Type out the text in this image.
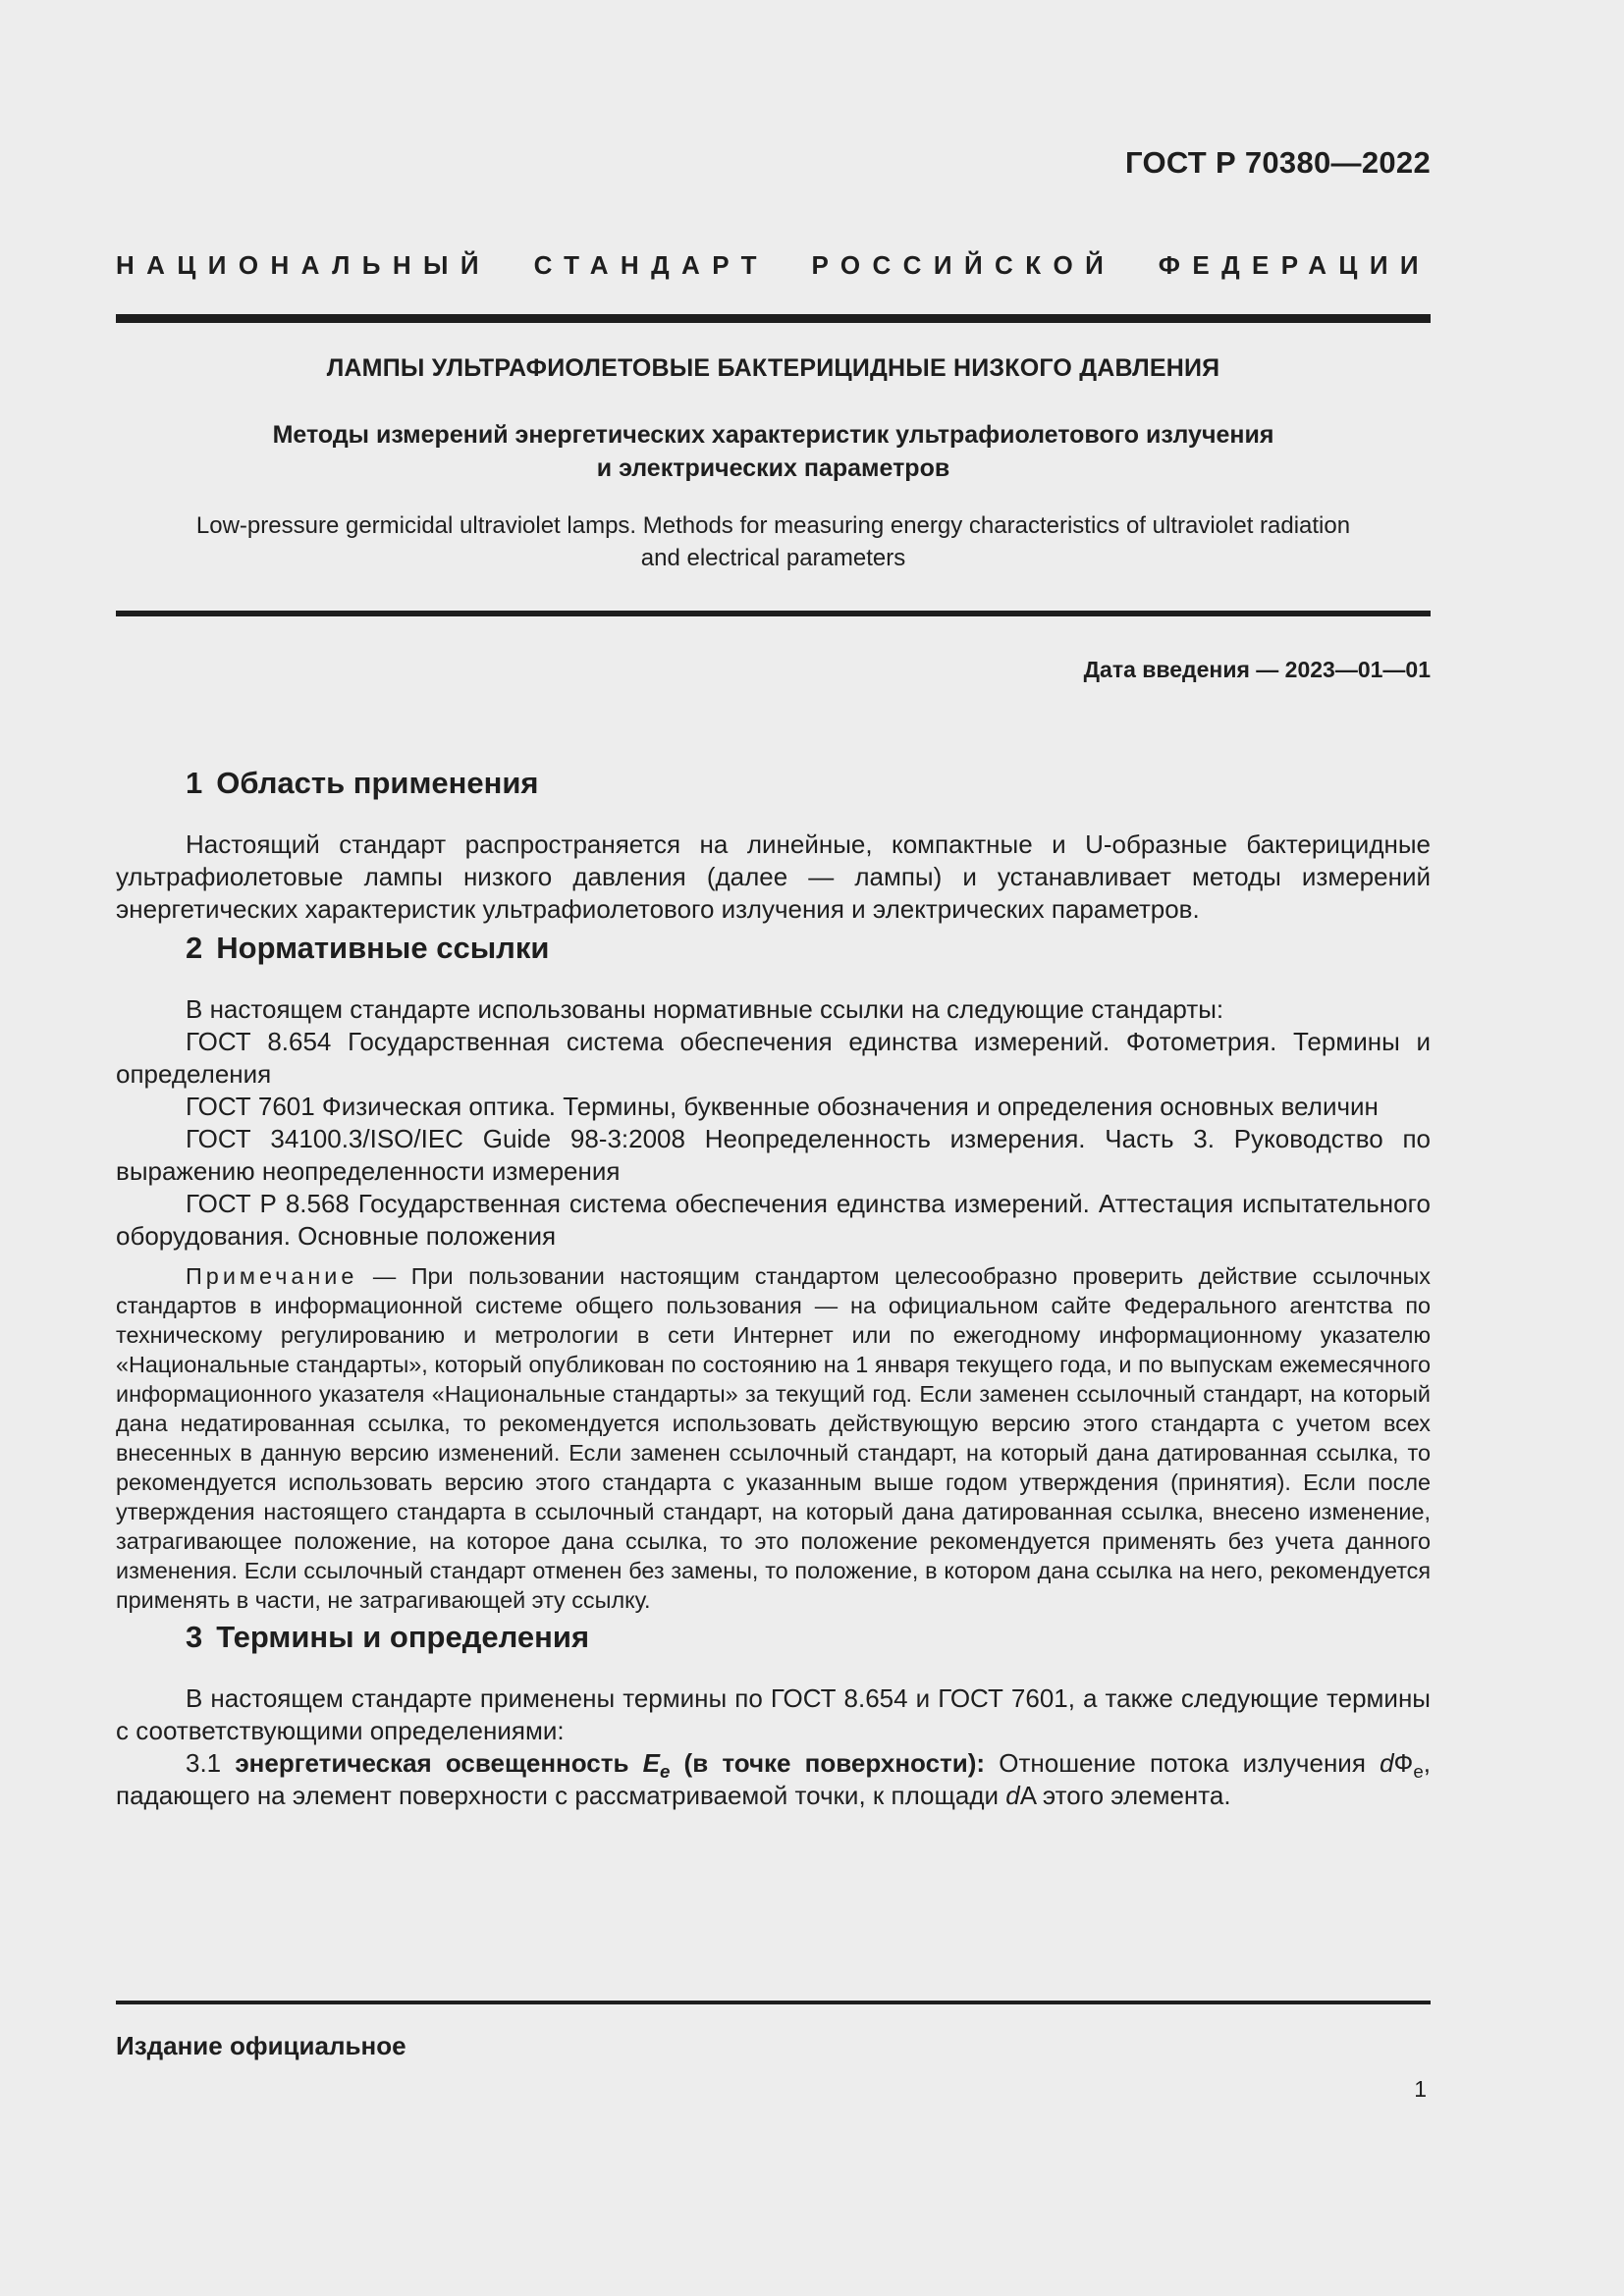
ГОСТ Р 70380—2022
НАЦИОНАЛЬНЫЙ СТАНДАРТ РОССИЙСКОЙ ФЕДЕРАЦИИ
ЛАМПЫ УЛЬТРАФИОЛЕТОВЫЕ БАКТЕРИЦИДНЫЕ НИЗКОГО ДАВЛЕНИЯ
Методы измерений энергетических характеристик ультрафиолетового излучения
и электрических параметров
Low-pressure germicidal ultraviolet lamps. Methods for measuring energy characteristics of ultraviolet radiation
and electrical parameters
Дата введения — 2023—01—01
1 Область применения

Настоящий стандарт распространяется на линейные, компактные и U-образные бактерицидные ультрафиолетовые лампы низкого давления (далее — лампы) и устанавливает методы измерений энергетических характеристик ультрафиолетового излучения и электрических параметров.

2 Нормативные ссылки

В настоящем стандарте использованы нормативные ссылки на следующие стандарты:

ГОСТ 8.654 Государственная система обеспечения единства измерений. Фотометрия. Термины и определения

ГОСТ 7601 Физическая оптика. Термины, буквенные обозначения и определения основных величин

ГОСТ 34100.3/ISO/IEC Guide 98-3:2008 Неопределенность измерения. Часть 3. Руководство по выражению неопределенности измерения

ГОСТ Р 8.568 Государственная система обеспечения единства измерений. Аттестация испытательного оборудования. Основные положения

Примечание — При пользовании настоящим стандартом целесообразно проверить действие ссылочных стандартов в информационной системе общего пользования — на официальном сайте Федерального агентства по техническому регулированию и метрологии в сети Интернет или по ежегодному информационному указателю «Национальные стандарты», который опубликован по состоянию на 1 января текущего года, и по выпускам ежемесячного информационного указателя «Национальные стандарты» за текущий год. Если заменен ссылочный стандарт, на который дана недатированная ссылка, то рекомендуется использовать действующую версию этого стандарта с учетом всех внесенных в данную версию изменений. Если заменен ссылочный стандарт, на который дана датированная ссылка, то рекомендуется использовать версию этого стандарта с указанным выше годом утверждения (принятия). Если после утверждения настоящего стандарта в ссылочный стандарт, на который дана датированная ссылка, внесено изменение, затрагивающее положение, на которое дана ссылка, то это положение рекомендуется применять без учета данного изменения. Если ссылочный стандарт отменен без замены, то положение, в котором дана ссылка на него, рекомендуется применять в части, не затрагивающей эту ссылку.

3 Термины и определения

В настоящем стандарте применены термины по ГОСТ 8.654 и ГОСТ 7601, а также следующие термины с соответствующими определениями:

3.1 энергетическая освещенность $E_e$ (в точке поверхности): Отношение потока излучения $dФ_е$, падающего на элемент поверхности с рассматриваемой точки, к площади dA этого элемента.

Издание официальное
1
